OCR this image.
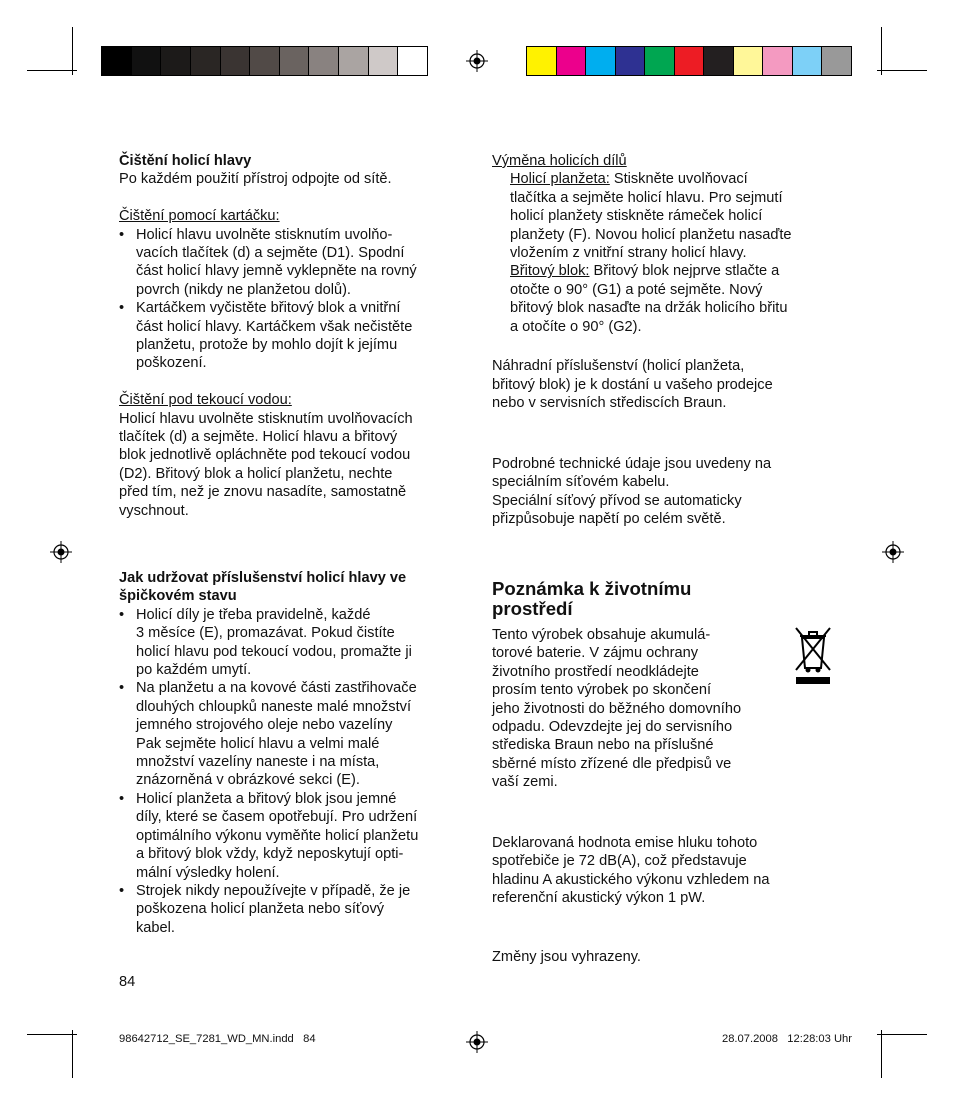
Čištění holicí hlavy

Po každém použití přístroj odpojte od sítě.

Čištění pomocí kartáčku:

• Holicí hlavu uvolněte stisknutím uvolňo-
vacích tlačítek (d) a sejměte (D1). Spodní
část holicí hlavy jemně vyklepněte na rovný
povrch (nikdy ne planžetou dolů).
• Kartáčkem vyčistěte břitový blok a vnitřní
část holicí hlavy. Kartáčkem však nečistěte
planžetu, protože by mohlo dojít k jejímu
poškození.

Čištění pod tekoucí vodou:

Holicí hlavu uvolněte stisknutím uvolňovacích
tlačítek (d) a sejměte. Holicí hlavu a břitový
blok jednotlivě opláchněte pod tekoucí vodou
(D2). Břitový blok a holicí planžetu, nechte
před tím, než je znovu nasadíte, samostatně
vyschnout.

Jak udržovat příslušenství holicí hlavy ve
špičkovém stavu

• Holicí díly je třeba pravidelně, každé
3 měsíce (E), promazávat. Pokud čistíte
holicí hlavu pod tekoucí vodou, promažte ji
po každém umytí.
• Na planžetu a na kovové části zastřihovače
dlouhých chloupků naneste malé množství
jemného strojového oleje nebo vazelíny
Pak sejměte holicí hlavu a velmi malé
množství vazelíny naneste i na místa,
znázorněná v obrázkové sekci (E).
• Holicí planžeta a břitový blok jsou jemné
díly, které se časem opotřebují. Pro udržení
optimálního výkonu vyměňte holicí planžetu
a břitový blok vždy, když neposkytují opti-
mální výsledky holení.
• Strojek nikdy nepoužívejte v případě, že je
poškozena holicí planžeta nebo síťový
kabel.
84

Výměna holicích dílů

Holicí planžeta: Stiskněte uvolňovací
tlačítka a sejměte holicí hlavu. Pro sejmutí
holicí planžety stiskněte rámeček holicí
planžety (F). Novou holicí planžetu nasaďte
vložením z vnitřní strany holicí hlavy.

Břitový blok: Břitový blok nejprve stlačte a
otočte o 90° (G1) a poté sejměte. Nový
břitový blok nasaďte na držák holicího břitu
a otočíte o 90° (G2).

Náhradní příslušenství (holicí planžeta,
břitový blok) je k dostání u vašeho prodejce
nebo v servisních střediscích Braun.

Podrobné technické údaje jsou uvedeny na
speciálním síťovém kabelu.
Speciální síťový přívod se automaticky
přizpůsobuje napětí po celém světě.

Poznámka k životnímu
prostředí

Tento výrobek obsahuje akumulá-
torové baterie. V zájmu ochrany
životního prostředí neodkládejte
prosím tento výrobek po skončení
jeho životnosti do běžného domovního
odpadu. Odevzdejte jej do servisního
střediska Braun nebo na příslušné
sběrné místo zřízené dle předpisů ve
vaší zemi.

Deklarovaná hodnota emise hluku tohoto
spotřebiče je 72 dB(A), což představuje
hladinu A akustického výkonu vzhledem na
referenční akustický výkon 1 pW.

Změny jsou vyhrazeny.
98642712_SE_7281_WD_MN.indd   84	28.07.2008   12:28:03 Uhr
